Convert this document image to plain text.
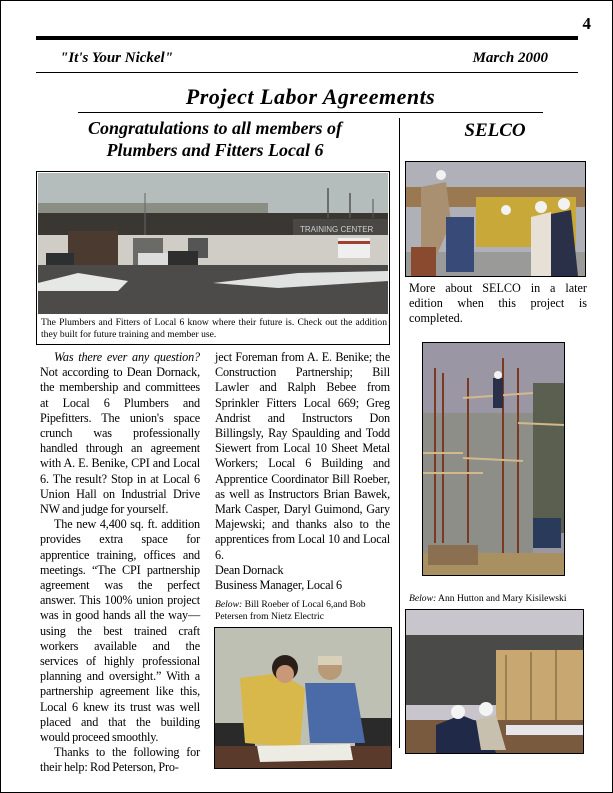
4
"It's Your Nickel"	March 2000
Project Labor Agreements
Congratulations to all members of
Plumbers and Fitters Local 6
SELCO
TRAINING CENTER
The Plumbers and Fitters of Local 6 know where their future is. Check out the addition they built for future training and member use.

Was there ever any question? Not according to Dean Dornack, the membership and committees at Local 6 Plumbers and Pipefitters. The union's space crunch was professionally handled through an agreement with A. E. Benike, CPI and Local 6. The result? Stop in at Local 6 Union Hall on Industrial Drive NW and judge for yourself.

The new 4,400 sq. ft. addition provides extra space for apprentice training, offices and meetings. “The CPI partnership agreement was the perfect answer. This 100% union project was in good hands all the way—using the best trained craft workers available and the services of highly professional planning and oversight.” With a partnership agreement like this, Local 6 knew its trust was well placed and that the building would proceed smoothly.

Thanks to the following for their help: Rod Peterson, Pro-

ject Foreman from A. E. Benike; the Construction Partnership; Bill Lawler and Ralph Bebee from Sprinkler Fitters Local 669; Greg Andrist and Instructors Don Billingsly, Ray Spaulding and Todd Siewert from Local 10 Sheet Metal Workers; Local 6 Building and Apprentice Coordinator Bill Roeber, as well as Instructors Brian Bawek, Mark Casper, Daryl Guimond, Gary Majewski; and thanks also to the apprentices from Local 10 and Local 6.

Dean Dornack

Business Manager, Local 6

Below: Bill Roeber of Local 6,and Bob Petersen from Nietz Electric
More about SELCO in a later edition when this project is completed.
Below: Ann Hutton and Mary Kisilewski
